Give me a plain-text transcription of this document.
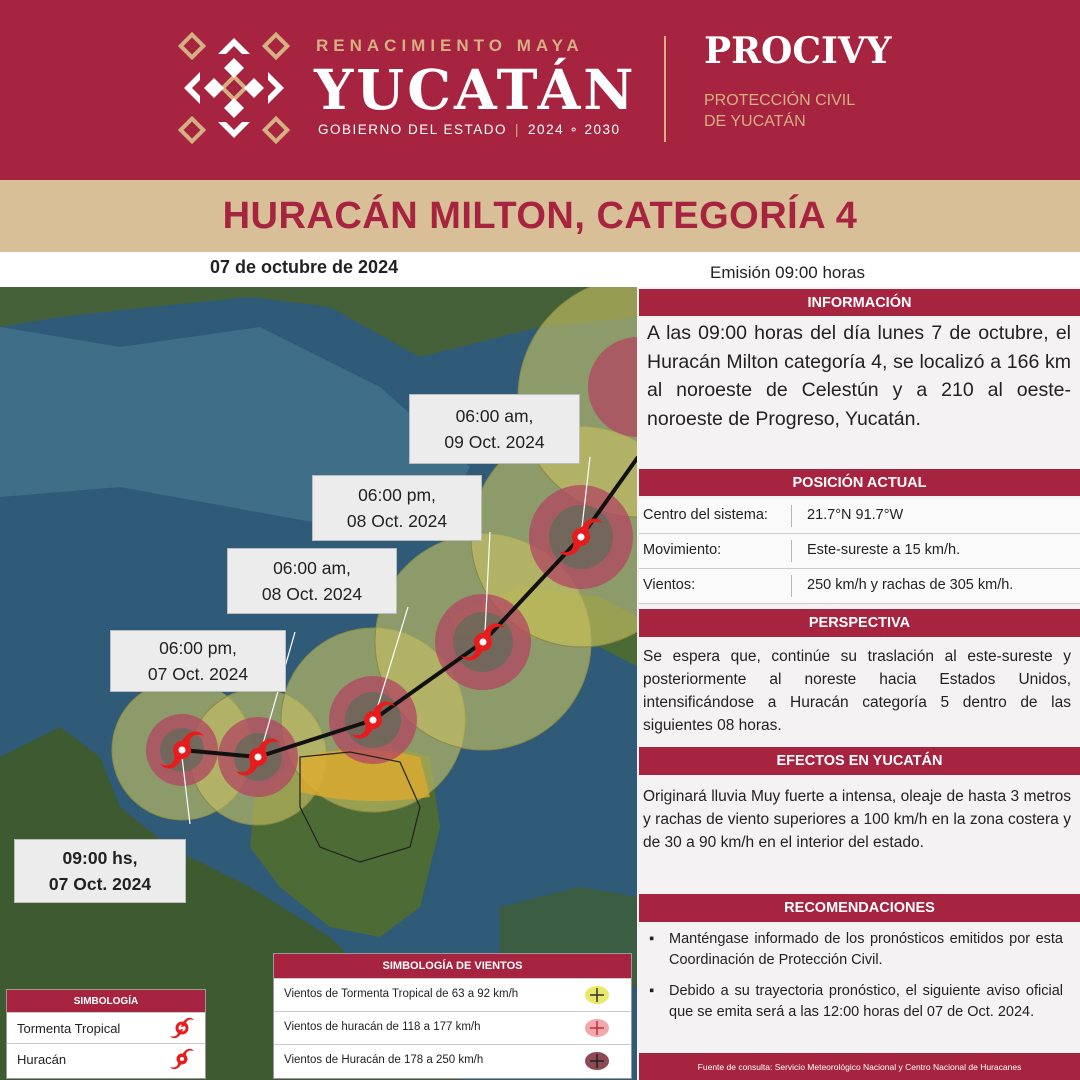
RENACIMIENTO MAYA
YUCATÁN
GOBIERNO DEL ESTADO | 2024 ∘ 2030
PROCIVY
PROTECCIÓN CIVIL
DE YUCATÁN
HURACÁN MILTON, CATEGORÍA 4
07 de octubre de 2024	Emisión 09:00 horas
06:00 am,
09 Oct. 2024
06:00 pm,
08 Oct. 2024
06:00 am,
08 Oct. 2024
06:00 pm,
07 Oct. 2024
09:00 hs,
07 Oct. 2024
SIMBOLOGÍA
Tormenta Tropical
Huracán
SIMBOLOGÍA DE VIENTOS
Vientos de Tormenta Tropical de 63 a 92 km/h
Vientos de huracán de 118 a 177 km/h
Vientos de Huracán de 178 a 250 km/h
INFORMACIÓN
A las 09:00 horas del día lunes 7 de octubre, el Huracán Milton categoría 4, se localizó a 166 km al noroeste de Celestún y a 210 al oeste-noroeste de Progreso, Yucatán.
POSICIÓN ACTUAL
Centro del sistema:	21.7°N 91.7°W
Movimiento:	Este-sureste a 15 km/h.
Vientos:	250 km/h y rachas de 305 km/h.
PERSPECTIVA
Se espera que, continúe su traslación al este-sureste y posteriormente al noreste hacia Estados Unidos, intensificándose a Huracán categoría 5 dentro de las siguientes 08 horas.
EFECTOS EN YUCATÁN
Originará lluvia Muy fuerte a intensa, oleaje de hasta 3 metros y rachas de viento superiores a 100 km/h en la zona costera y de 30 a 90 km/h en el interior del estado.
RECOMENDACIONES
▪ Manténgase informado de los pronósticos emitidos por esta Coordinación de Protección Civil.
▪ Debido a su trayectoria pronóstico, el siguiente aviso oficial que se emita será a las 12:00 horas del 07 de Oct. 2024.
Fuente de consulta: Servicio Meteorológico Nacional y Centro Nacional de Huracanes
